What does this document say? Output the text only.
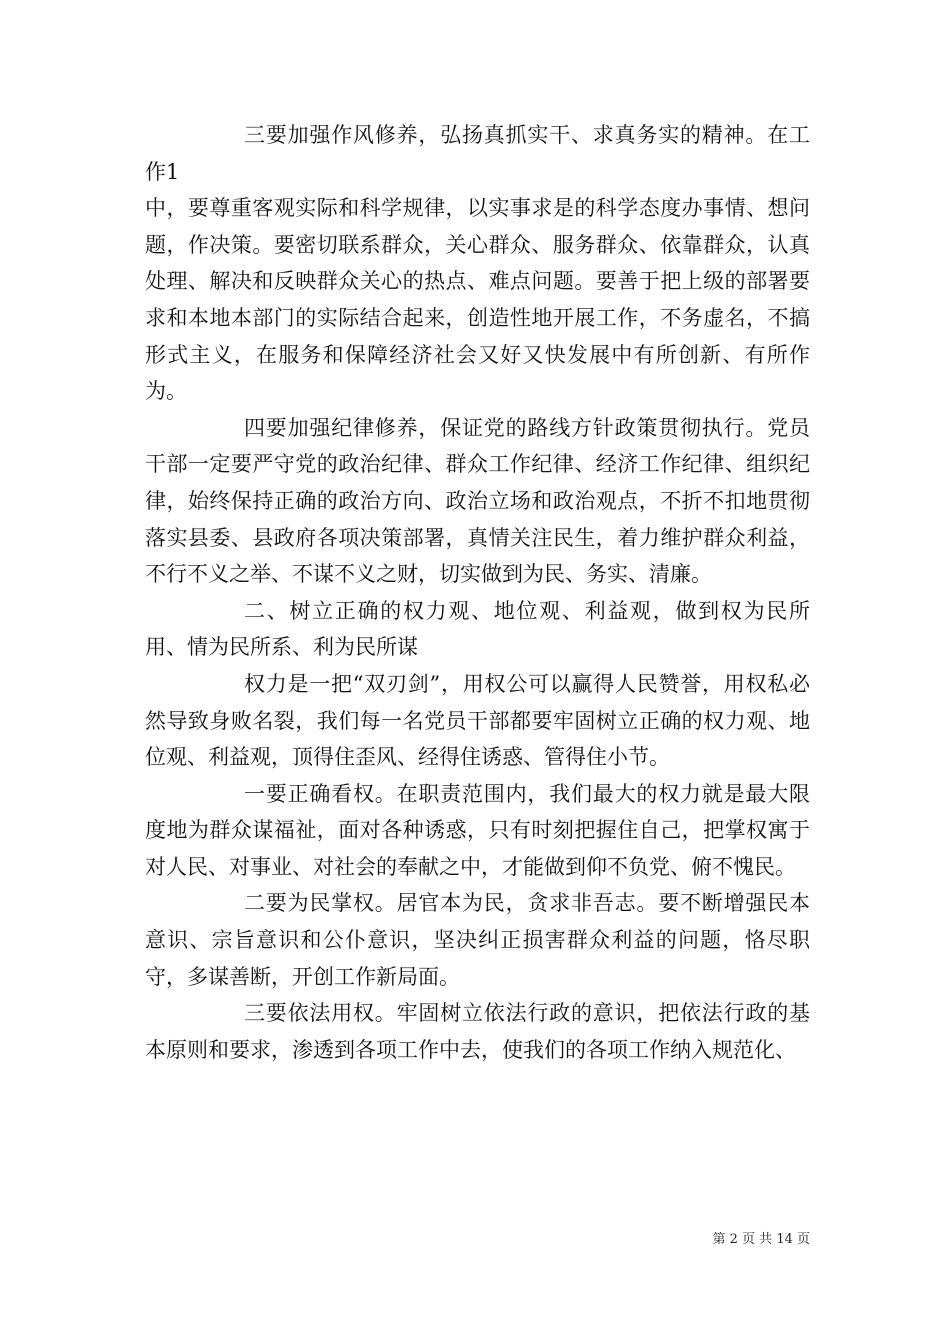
三要加强作风修养，弘扬真抓实干、求真务实的精神。在工作1

中，要尊重客观实际和科学规律，以实事求是的科学态度办事情、想问题，作决策。要密切联系群众，关心群众、服务群众、依靠群众，认真处理、解决和反映群众关心的热点、难点问题。要善于把上级的部署要求和本地本部门的实际结合起来，创造性地开展工作，不务虚名，不搞形式主义，在服务和保障经济社会又好又快发展中有所创新、有所作为。

四要加强纪律修养，保证党的路线方针政策贯彻执行。党员干部一定要严守党的政治纪律、群众工作纪律、经济工作纪律、组织纪律，始终保持正确的政治方向、政治立场和政治观点，不折不扣地贯彻落实县委、县政府各项决策部署，真情关注民生，着力维护群众利益，不行不义之举、不谋不义之财，切实做到为民、务实、清廉。

二、树立正确的权力观、地位观、利益观，做到权为民所用、情为民所系、利为民所谋

权力是一把“双刃剑”，用权公可以赢得人民赞誉，用权私必然导致身败名裂，我们每一名党员干部都要牢固树立正确的权力观、地位观、利益观，顶得住歪风、经得住诱惑、管得住小节。

一要正确看权。在职责范围内，我们最大的权力就是最大限度地为群众谋福祉，面对各种诱惑，只有时刻把握住自己，把掌权寓于对人民、对事业、对社会的奉献之中，才能做到仰不负党、俯不愧民。

二要为民掌权。居官本为民，贪求非吾志。要不断增强民本意识、宗旨意识和公仆意识，坚决纠正损害群众利益的问题，恪尽职守，多谋善断，开创工作新局面。

三要依法用权。牢固树立依法行政的意识，把依法行政的基本原则和要求，渗透到各项工作中去，使我们的各项工作纳入规范化、

第 2 页 共 14 页
